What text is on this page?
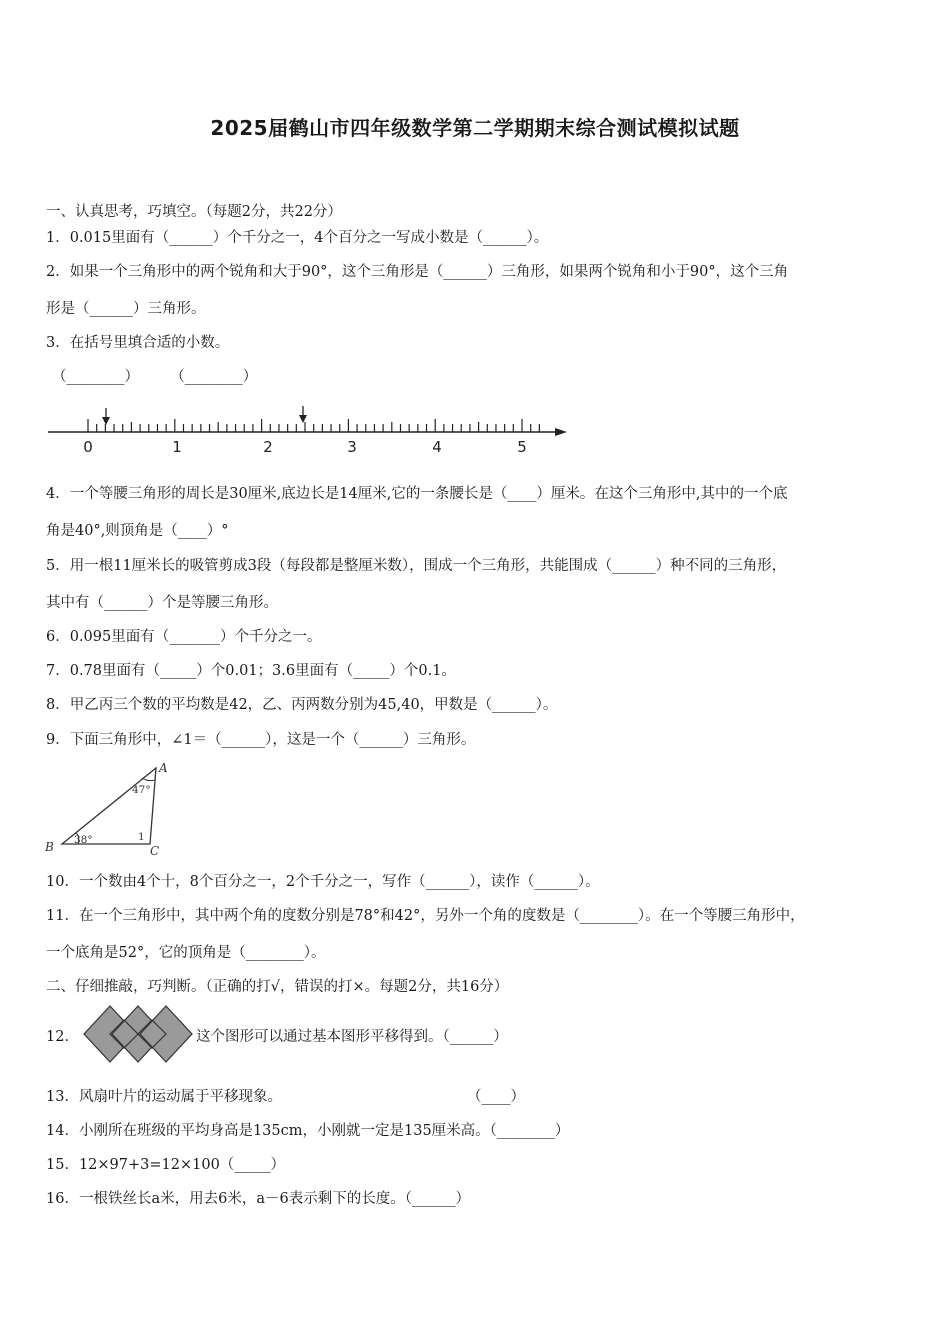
2025届鹤山市四年级数学第二学期期末综合测试模拟试题
一、认真思考，巧填空。（每题2分，共22分）
1．0.015里面有（______）个千分之一，4个百分之一写成小数是（______）。
2．如果一个三角形中的两个锐角和大于90°，这个三角形是（______）三角形，如果两个锐角和小于90°，这个三角
形是（______）三角形。
3．在括号里填合适的小数。
（________） （________）
0	1	2	3	4	5
4．一个等腰三角形的周长是30厘米,底边长是14厘米,它的一条腰长是（____）厘米。在这个三角形中,其中的一个底
角是40°,则顶角是（____）°
5．用一根11厘米长的吸管剪成3段（每段都是整厘米数），围成一个三角形，共能围成（______）种不同的三角形，
其中有（______）个是等腰三角形。
6．0.095里面有（_______）个千分之一。
7．0.78里面有（_____）个0.01；3.6里面有（_____）个0.1。
8．甲乙丙三个数的平均数是42，乙、丙两数分别为45,40，甲数是（______）。
9．下面三角形中，∠1＝（______），这是一个（______）三角形。
A
B	C
47°
38°	1
10．一个数由4个十，8个百分之一，2个千分之一，写作（______），读作（______）。
11．在一个三角形中，其中两个角的度数分别是78°和42°，另外一个角的度数是（________）。在一个等腰三角形中，
一个底角是52°，它的顶角是（________）。
二、仔细推敲，巧判断。（正确的打√，错误的打×。每题2分，共16分）
12．	这个图形可以通过基本图形平移得到。（______）
13．风扇叶片的运动属于平移现象。	（____）
14．小刚所在班级的平均身高是135cm，小刚就一定是135厘米高。（________）
15．12×97+3=12×100（_____）
16．一根铁丝长a米，用去6米，a－6表示剩下的长度。（______）
